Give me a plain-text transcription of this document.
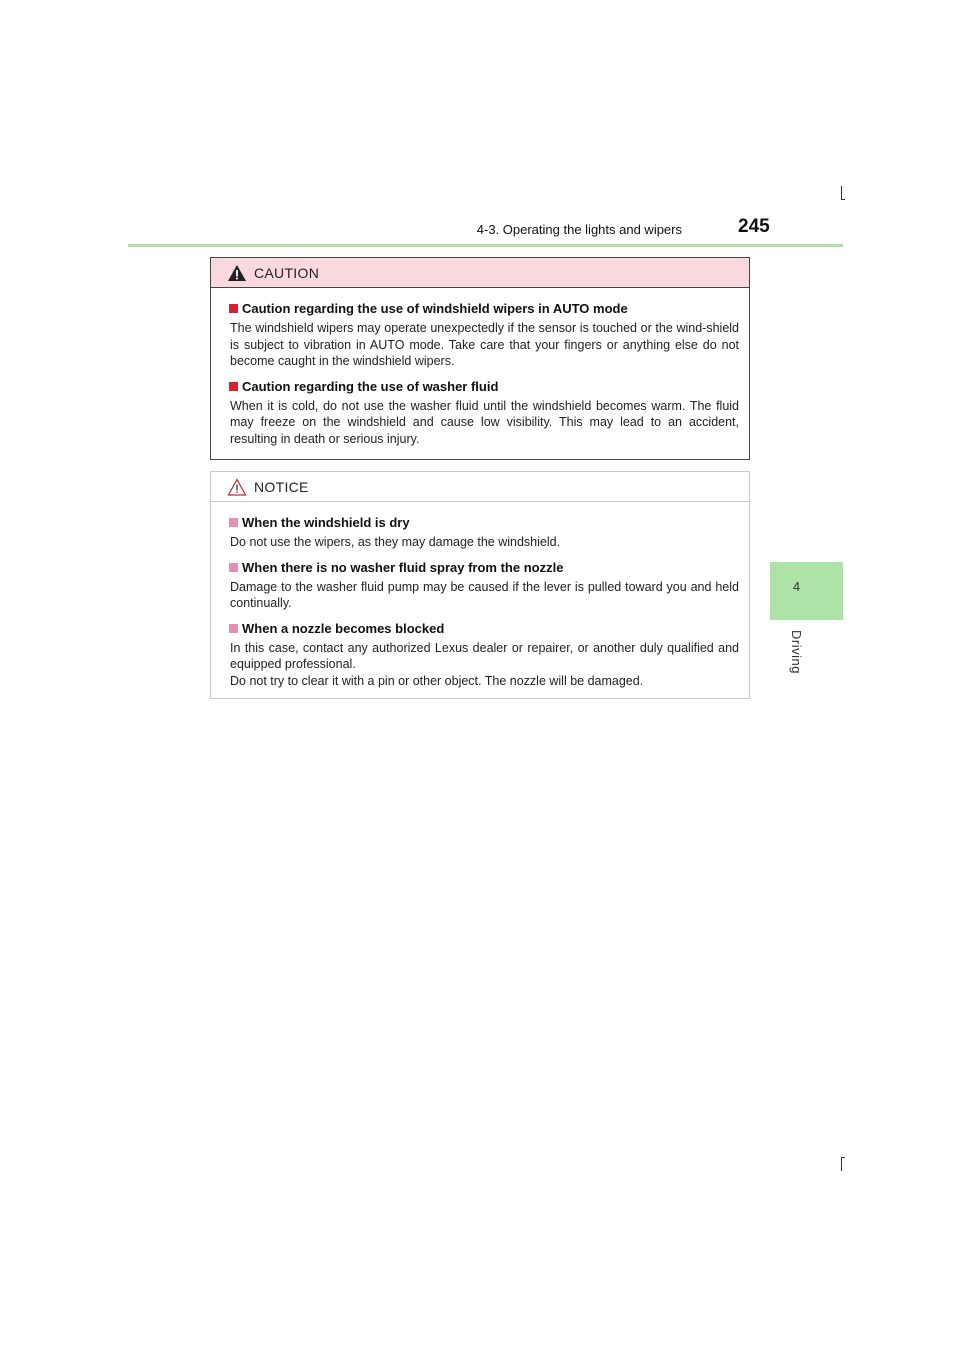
4-3. Operating the lights and wipers	245
4
Driving
CAUTION
Caution regarding the use of windshield wipers in AUTO mode
The windshield wipers may operate unexpectedly if the sensor is touched or the wind-shield is subject to vibration in AUTO mode. Take care that your fingers or anything else do not become caught in the windshield wipers.
Caution regarding the use of washer fluid
When it is cold, do not use the washer fluid until the windshield becomes warm. The fluid may freeze on the windshield and cause low visibility. This may lead to an accident, resulting in death or serious injury.
NOTICE
When the windshield is dry
Do not use the wipers, as they may damage the windshield.
When there is no washer fluid spray from the nozzle
Damage to the washer fluid pump may be caused if the lever is pulled toward you and held continually.
When a nozzle becomes blocked
In this case, contact any authorized Lexus dealer or repairer, or another duly qualified and equipped professional.
Do not try to clear it with a pin or other object. The nozzle will be damaged.
